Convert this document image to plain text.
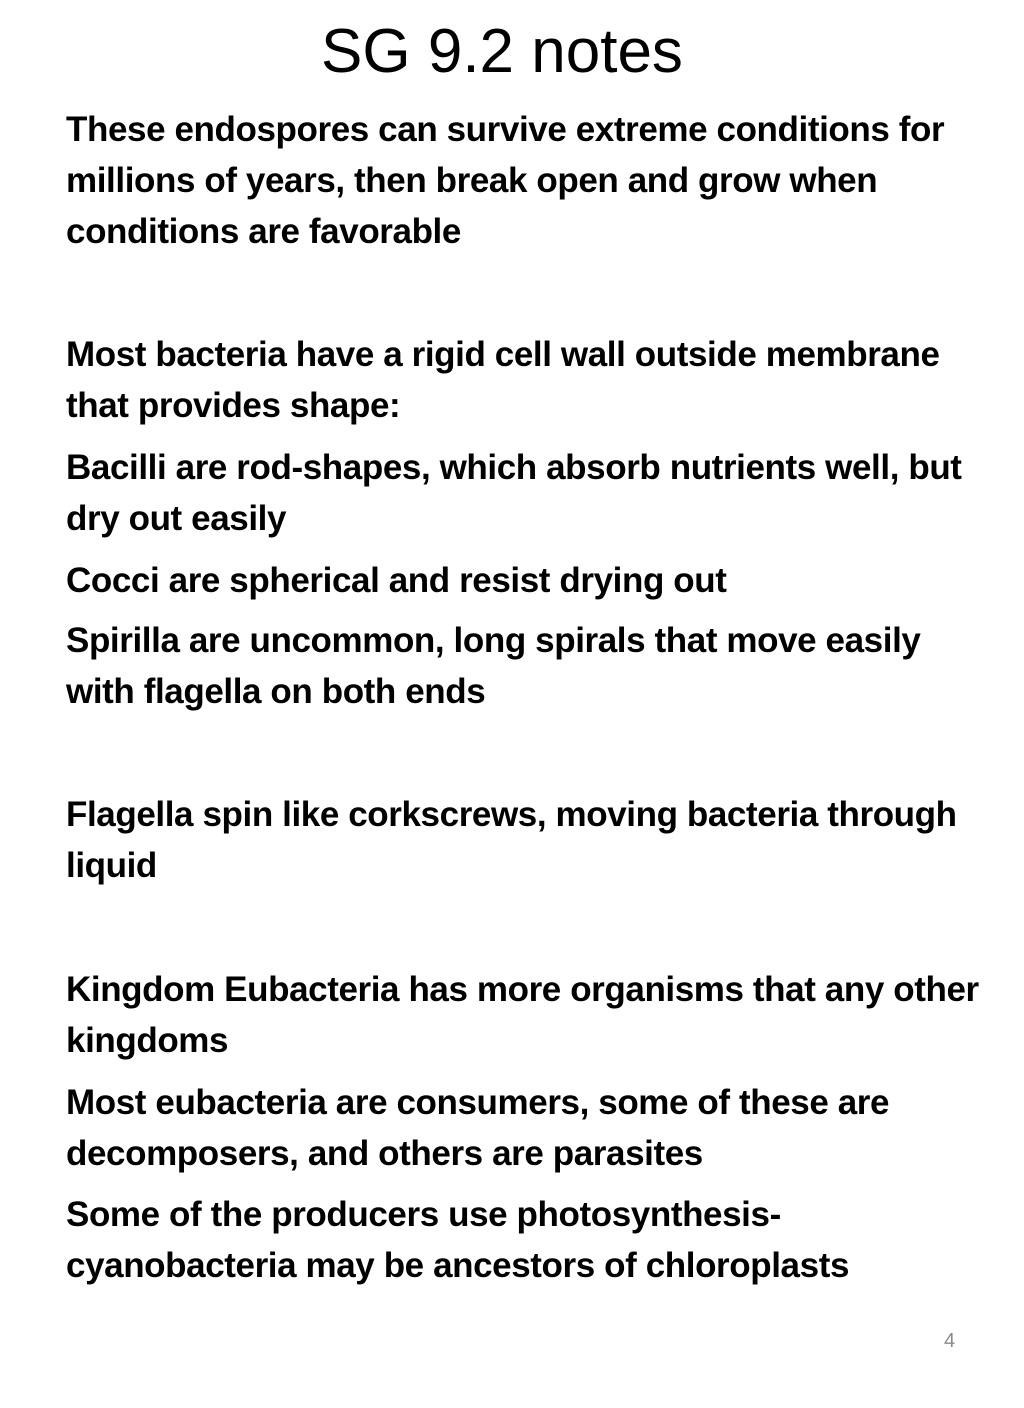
SG 9.2 notes

These endospores can survive extreme conditions for millions of years, then break open and grow when conditions are favorable

Most bacteria have a rigid cell wall outside membrane that provides shape:

Bacilli are rod-shapes, which absorb nutrients well, but dry out easily

Cocci are spherical and resist drying out

Spirilla are uncommon, long spirals that move easily with flagella on both ends

Flagella spin like corkscrews, moving bacteria through liquid

Kingdom Eubacteria has more organisms that any other kingdoms

Most eubacteria are consumers, some of these are decomposers, and others are parasites

Some of the producers use photosynthesis- cyanobacteria may be ancestors of chloroplasts

4
